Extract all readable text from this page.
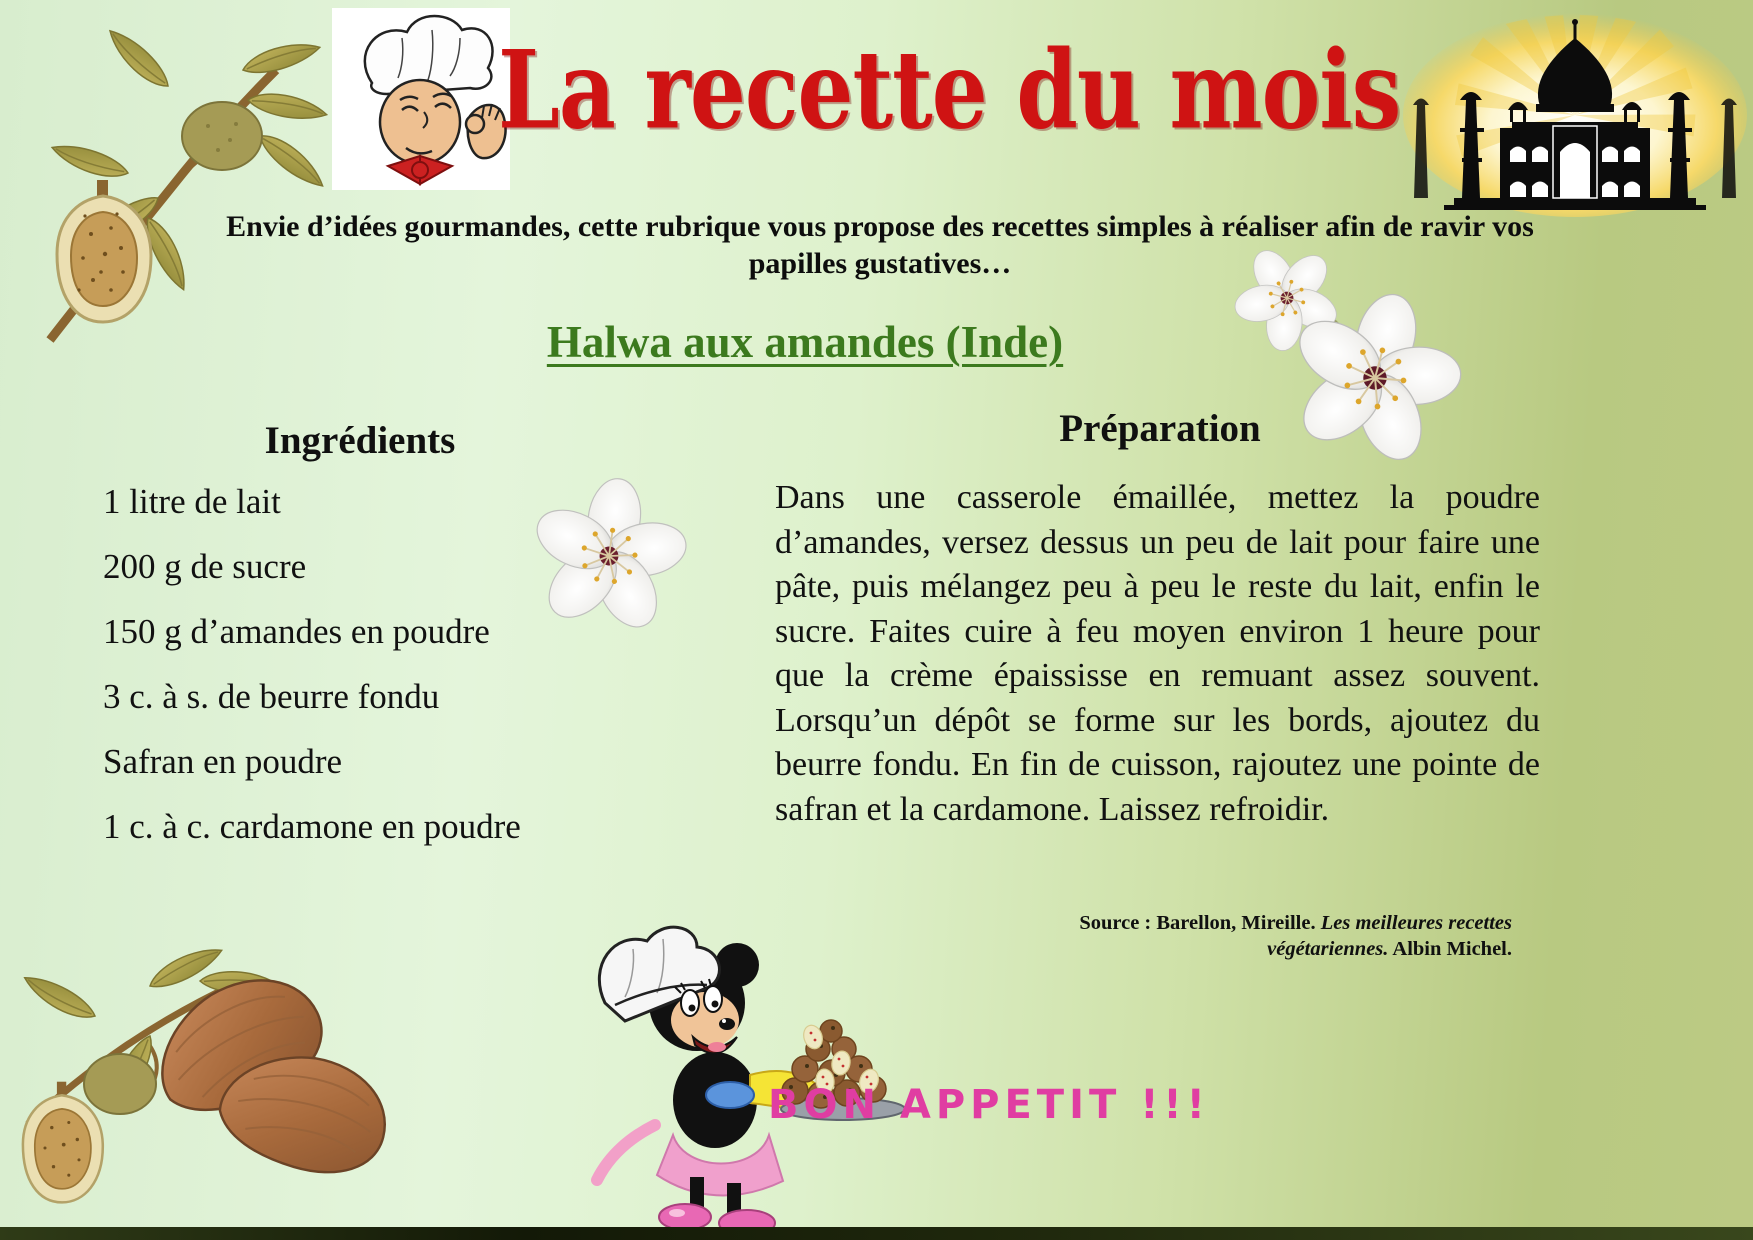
La recette du mois
Envie d’idées gourmandes, cette rubrique vous propose des recettes simples à réaliser afin de ravir vos papilles gustatives…
Halwa aux amandes (Inde)
Ingrédients
1 litre de lait
200 g de sucre
150 g d’amandes en poudre
3 c. à s. de beurre fondu
Safran en poudre
1 c. à c. cardamone en poudre
Préparation
Dans une casserole émaillée, mettez la poudre d’amandes, versez dessus un peu de lait pour faire une pâte, puis mélangez peu à peu le reste du lait, enfin le sucre. Faites cuire à feu moyen environ 1 heure pour que la crème épaississe en remuant assez souvent. Lorsqu’un dépôt se forme sur les bords, ajoutez du beurre fondu. En fin de cuisson, rajoutez une pointe de safran et la cardamone. Laissez refroidir.
Source : Barellon, Mireille. Les meilleures recettes végétariennes. Albin Michel.
BON APPETIT !!!
